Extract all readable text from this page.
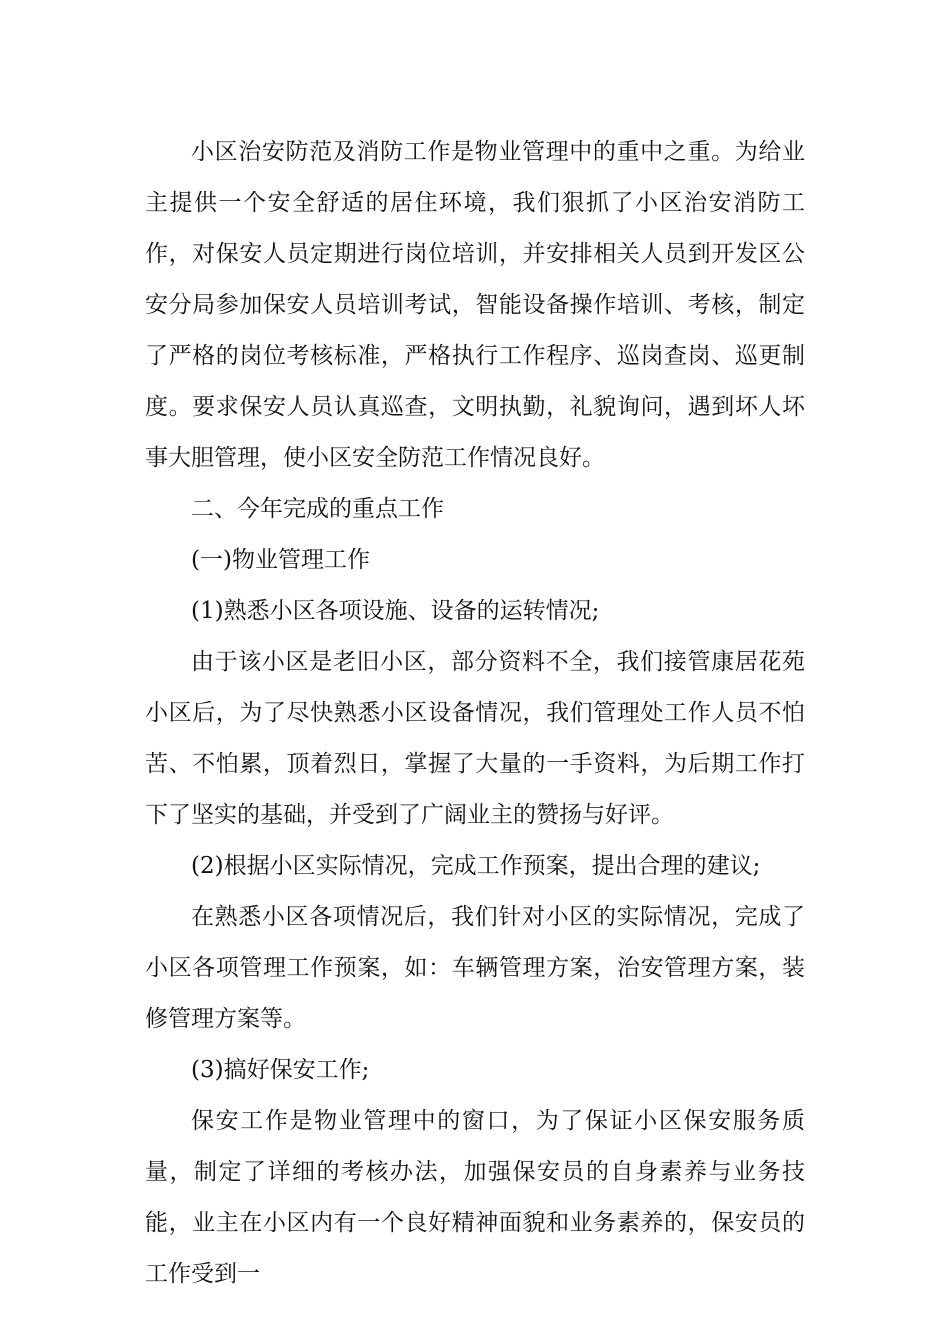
小区治安防范及消防工作是物业管理中的重中之重。为给业主提供一个安全舒适的居住环境，我们狠抓了小区治安消防工作，对保安人员定期进行岗位培训，并安排相关人员到开发区公安分局参加保安人员培训考试，智能设备操作培训、考核，制定了严格的岗位考核标准，严格执行工作程序、巡岗查岗、巡更制度。要求保安人员认真巡查，文明执勤，礼貌询问，遇到坏人坏事大胆管理，使小区安全防范工作情况良好。

二、今年完成的重点工作

(一)物业管理工作

(1)熟悉小区各项设施、设备的运转情况;

由于该小区是老旧小区，部分资料不全，我们接管康居花苑小区后，为了尽快熟悉小区设备情况，我们管理处工作人员不怕苦、不怕累，顶着烈日，掌握了大量的一手资料，为后期工作打下了坚实的基础，并受到了广阔业主的赞扬与好评。

(2)根据小区实际情况，完成工作预案，提出合理的建议;

在熟悉小区各项情况后，我们针对小区的实际情况，完成了小区各项管理工作预案，如：车辆管理方案，治安管理方案，装修管理方案等。

(3)搞好保安工作;

保安工作是物业管理中的窗口，为了保证小区保安服务质量，制定了详细的考核办法，加强保安员的自身素养与业务技能，业主在小区内有一个良好精神面貌和业务素养的，保安员的工作受到一
